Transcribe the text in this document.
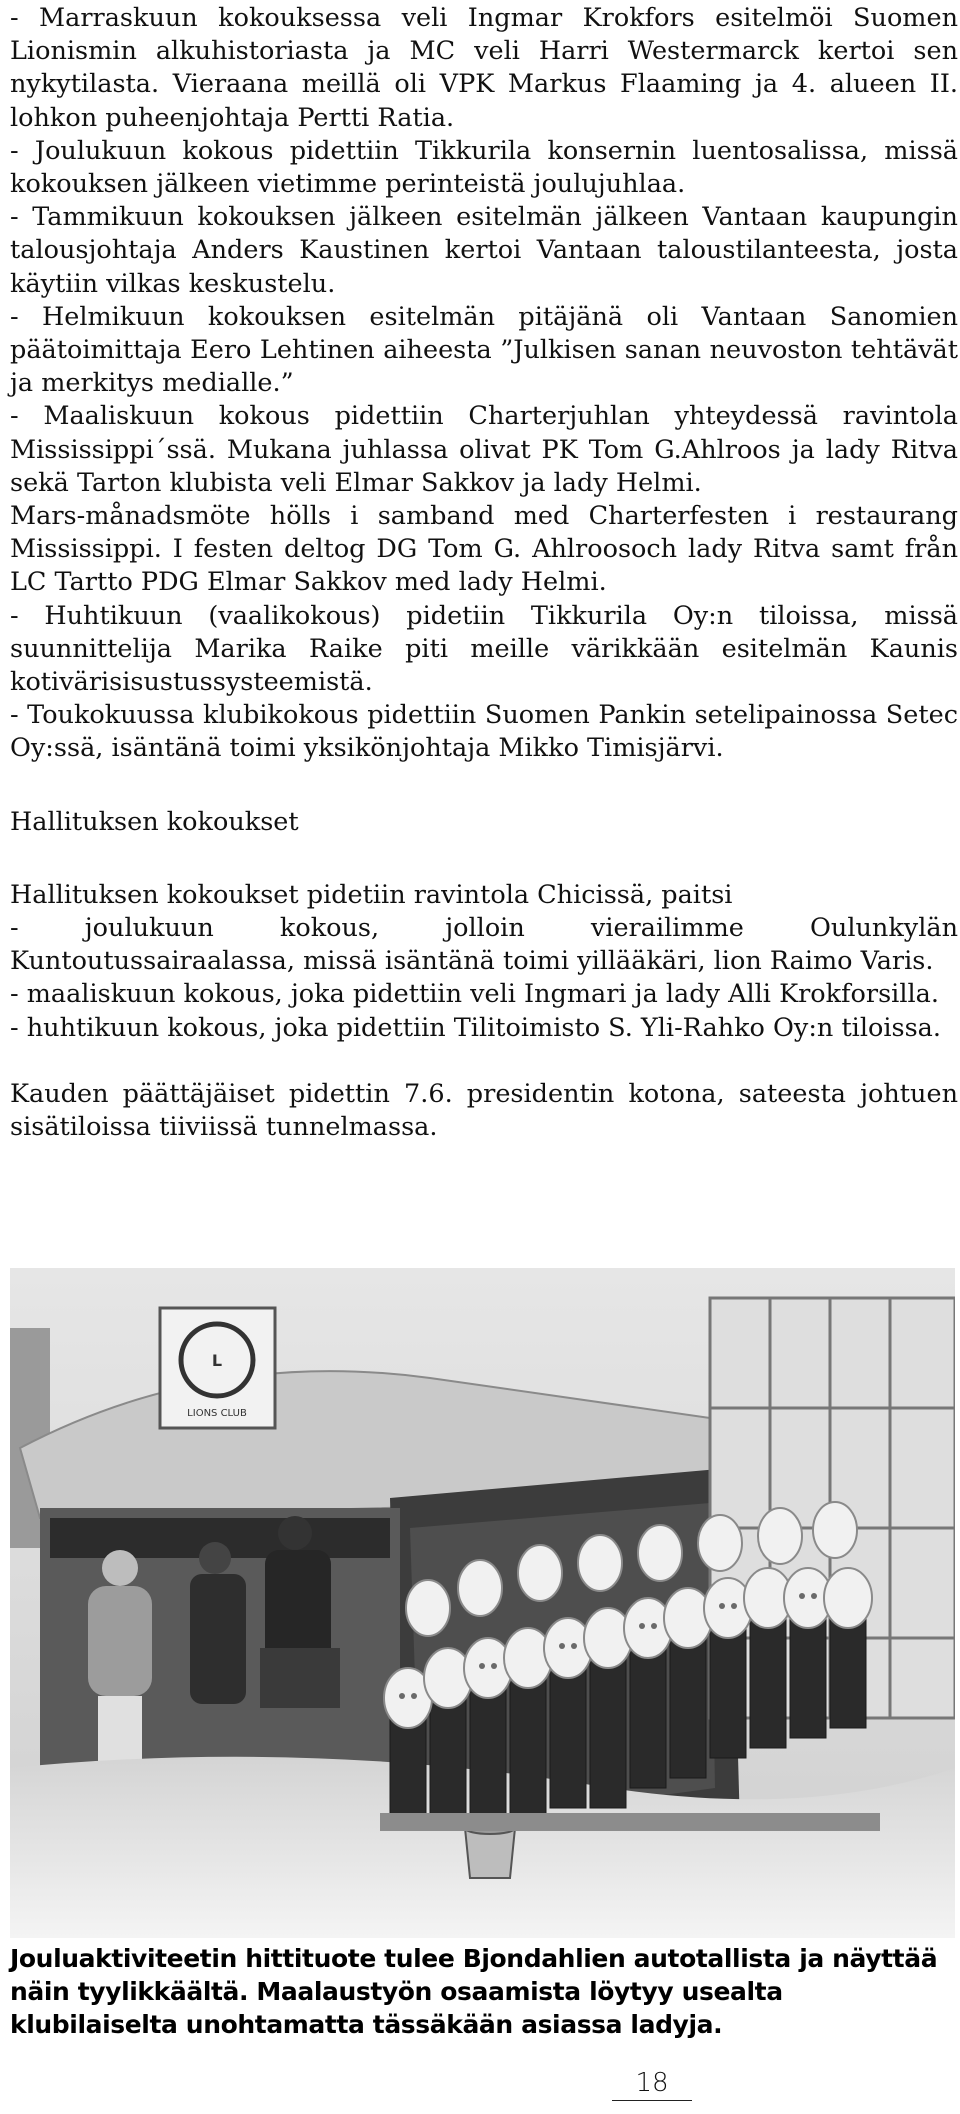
- Marraskuun kokouksessa veli Ingmar Krokfors esitelmöi Suomen Lionismin alkuhistoriasta ja MC veli Harri Westermarck kertoi sen nykytilasta. Vieraana meillä oli VPK Markus Flaaming ja 4. alueen II. lohkon puheenjohtaja Pertti Ratia.

- Joulukuun kokous pidettiin Tikkurila konsernin luentosalissa, missä kokouksen jälkeen vietimme perinteistä joulujuhlaa.

- Tammikuun kokouksen jälkeen esitelmän jälkeen Vantaan kaupungin talousjohtaja Anders Kaustinen kertoi Vantaan taloustilanteesta, josta käytiin vilkas keskustelu.

- Helmikuun kokouksen esitelmän pitäjänä oli Vantaan Sanomien päätoimittaja Eero Lehtinen aiheesta ”Julkisen sanan neuvoston tehtävät ja merkitys medialle.”

- Maaliskuun kokous pidettiin Charterjuhlan yhteydessä ravintola Mississippi´ssä. Mukana juhlassa olivat PK Tom G.Ahlroos ja lady Ritva sekä Tarton klubista veli Elmar Sakkov ja lady Helmi.

Mars-månadsmöte hölls i samband med Charterfesten i restaurang Mississippi. I festen deltog DG Tom G. Ahlroosoch lady Ritva samt från LC Tartto PDG Elmar Sakkov med lady Helmi.

- Huhtikuun (vaalikokous) pidetiin Tikkurila Oy:n tiloissa, missä suunnittelija Marika Raike piti meille värikkään esitelmän Kaunis kotivärisisustussysteemistä.

- Toukokuussa klubikokous pidettiin Suomen Pankin setelipainossa Setec Oy:ssä, isäntänä toimi yksikönjohtaja Mikko Timisjärvi.

Hallituksen kokoukset

Hallituksen kokoukset pidetiin ravintola Chicissä, paitsi

- joulukuun kokous, jolloin vierailimme Oulunkylän Kuntoutussairaalassa, missä isäntänä toimi yillääkäri, lion Raimo Varis.

- maaliskuun kokous, joka pidettiin veli Ingmari ja lady Alli Krokforsilla.

- huhtikuun kokous, joka pidettiin Tilitoimisto S. Yli-Rahko Oy:n tiloissa.

Kauden päättäjäiset pidettin 7.6. presidentin kotona, sateesta johtuen sisätiloissa tiiviissä tunnelmassa.

L
LIONS CLUB
Jouluaktiviteetin hittituote tulee Bjondahlien autotallista ja näyttää näin tyylikkäältä. Maalaustyön osaamista löytyy usealta klubilaiselta unohtamatta tässäkään asiassa ladyja.
18
